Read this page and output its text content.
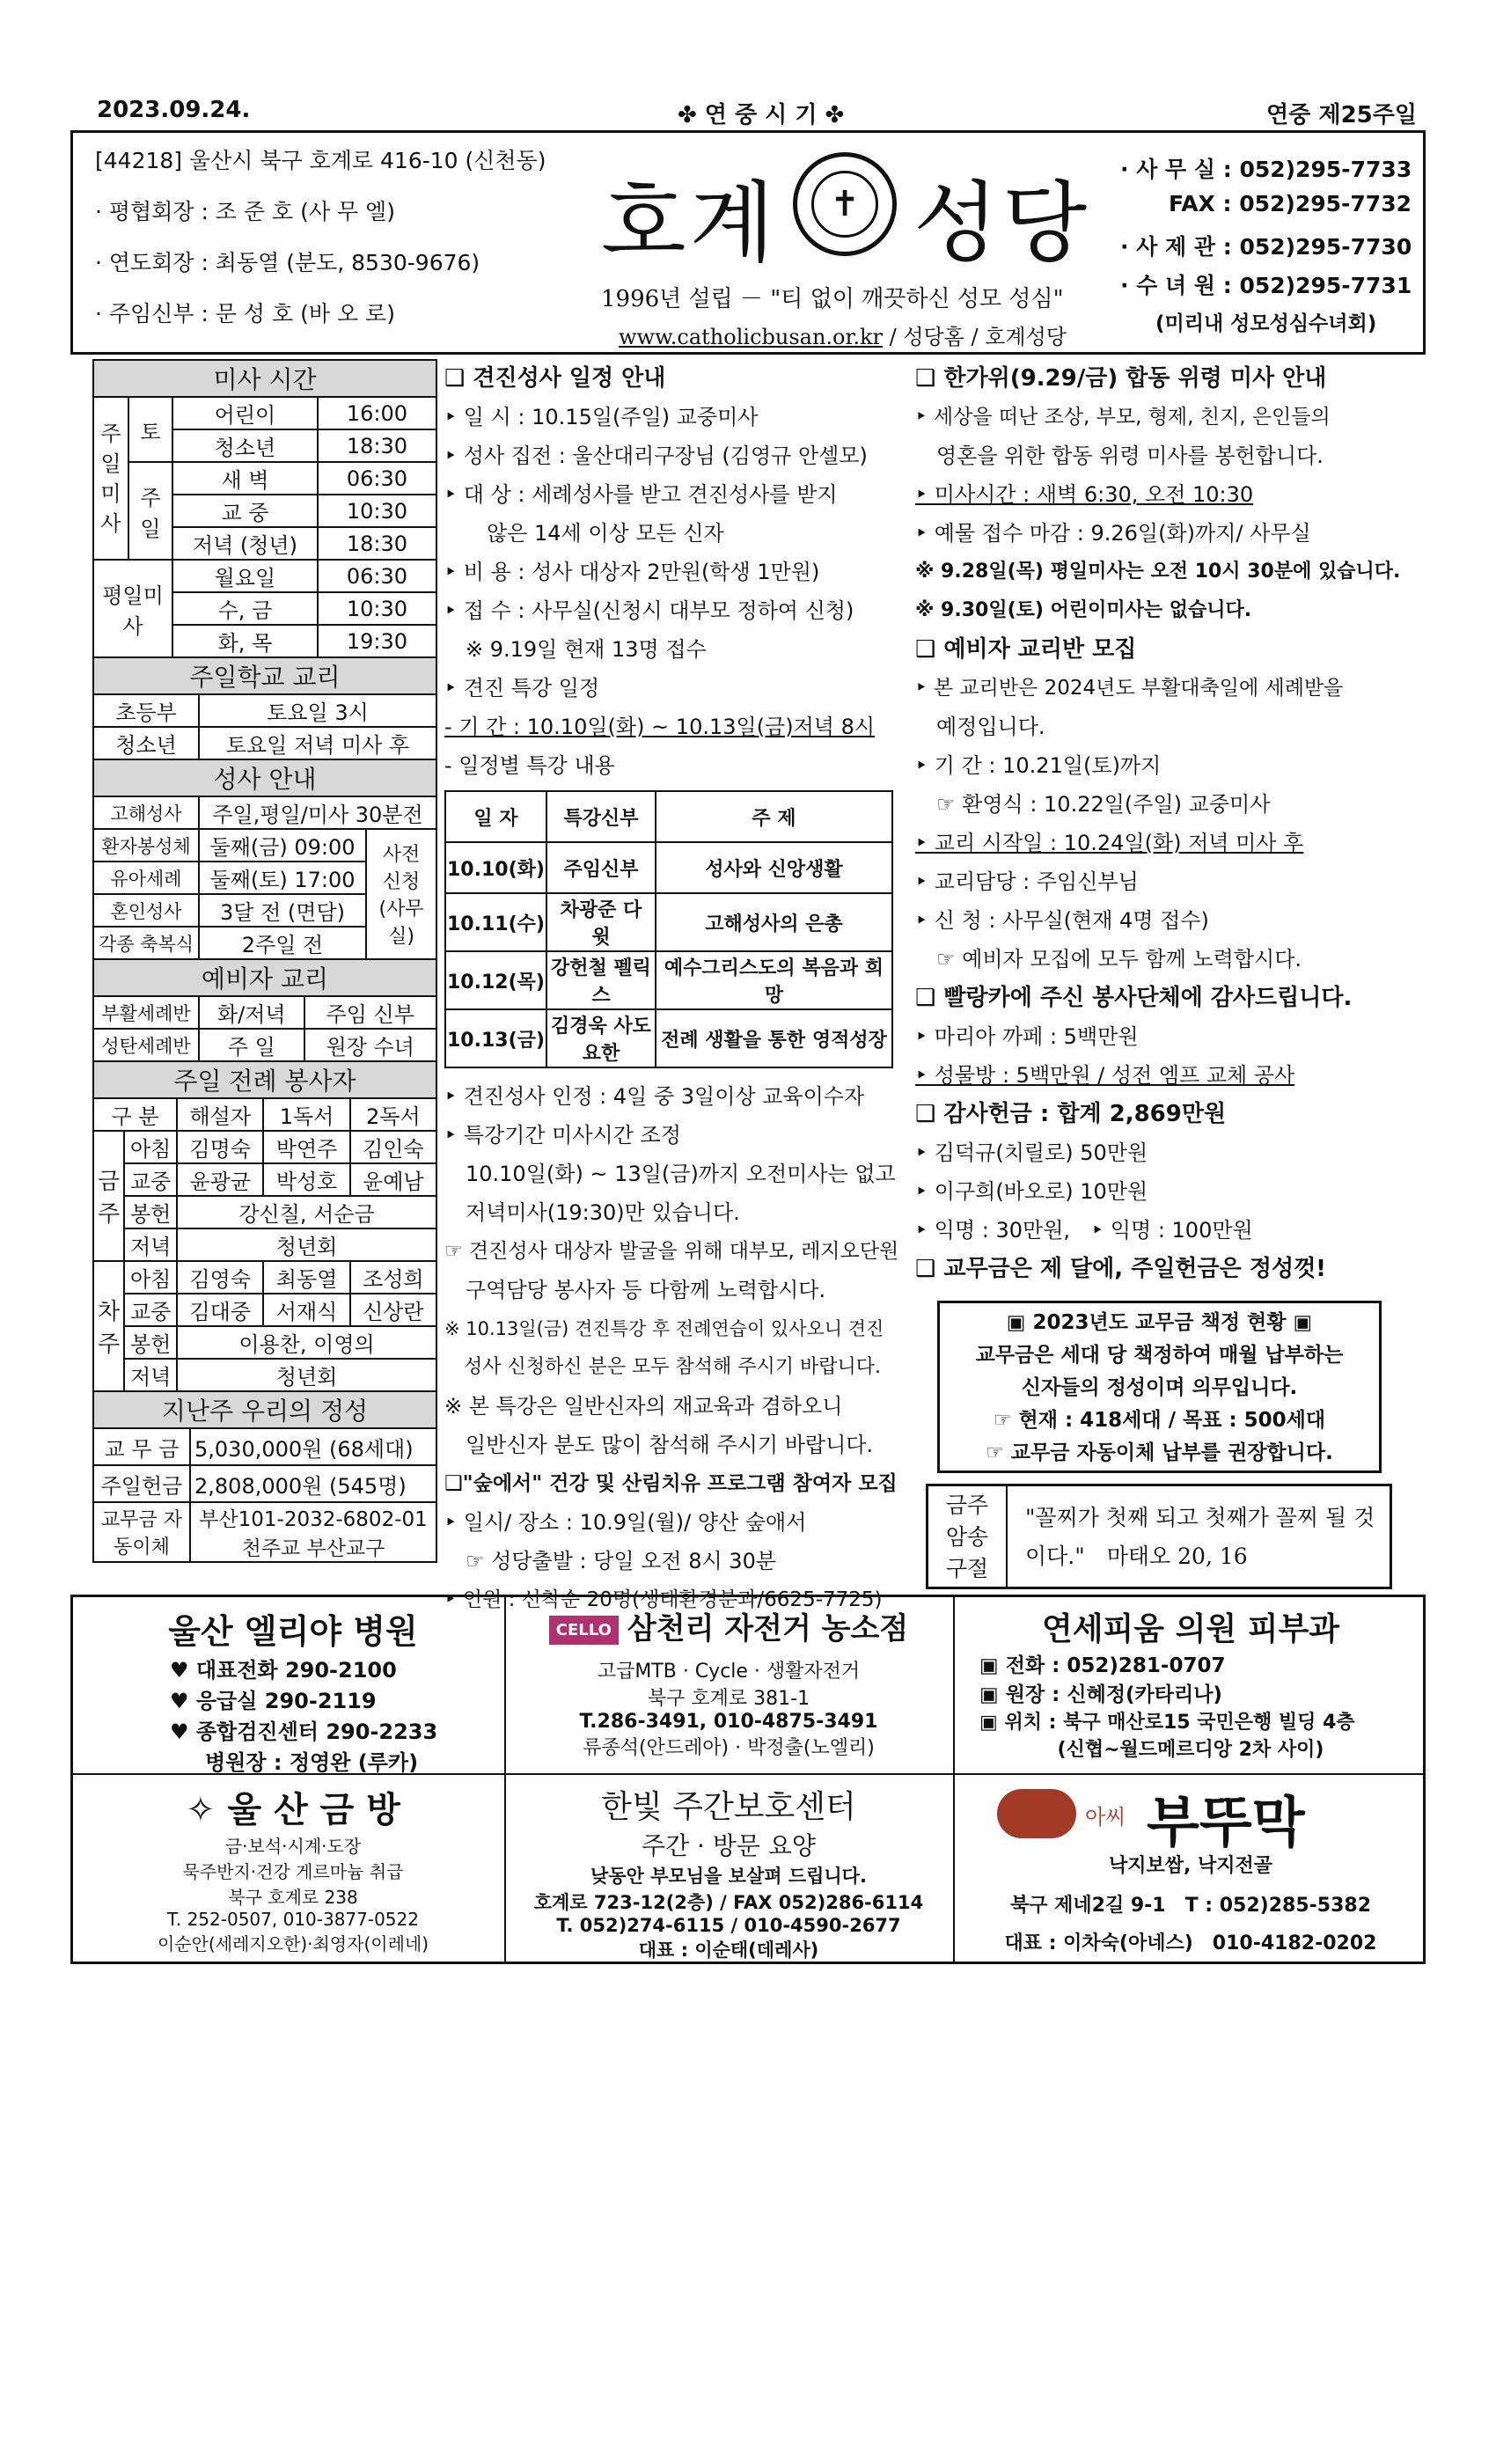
2023.09.24.	✤ 연 중 시 기 ✤	연중 제25주일
[44218] 울산시 북구 호계로 416-10 (신천동)
· 평협회장 : 조 준 호 (사 무 엘)
· 연도회장 : 최동열 (분도, 8530-9676)
· 주임신부 : 문 성 호 (바 오 로)
호계	✝ 성당
1996년 설립 － "티 없이 깨끗하신 성모 성심"
www.catholicbusan.or.kr / 성당홈 / 호계성당
· 사 무 실 : 052)295-7733
FAX : 052)295-7732
· 사 제 관 : 052)295-7730
· 수 녀 원 : 052)295-7731
(미리내 성모성심수녀회)
미사 시간
주일미사	토	
어린이	16:00

청소년	18:30

주일	
새 벽	06:30

교 중	10:30

저녁 (청년)	18:30

평일미사	
월요일	06:30

수, 금	10:30

화, 목	19:30
주일학교 교리	
초등부	토요일 3시
청소년	토요일 저녁 미사 후
성사 안내		
고해성사	주일,평일/미사 30분전	
환자봉성체	둘째(금) 09:00	사전 신청 (사무실)
유아세례	둘째(토) 17:00	
혼인성사	3달 전 (면담)	
각종 축복식	2주일 전	
예비자 교리		
부활세례반	화/저녁	주임 신부
성탄세례반	주 일	원장 수녀
주일 전례 봉사자				
구 분		해설자	1독서	2독서
금주	아침	김명숙	박연주	김인숙
	교중	윤광균	박성호	윤예남
	봉헌	강신칠, 서순금		
	저녁	청년회		
차주	아침	김영숙	최동열	조성희
	교중	김대중	서재식	신상란
	봉헌	이용찬, 이영의		
	저녁	청년회		
지난주 우리의 정성	
교 무 금	5,030,000원 (68세대)
주일헌금	2,808,000원 (545명)
교무금 자동이체	부산101-2032-6802-01 천주교 부산교구

❑ 견진성사 일정 안내

‣ 일 시 : 10.15일(주일) 교중미사

‣ 성사 집전 : 울산대리구장님 (김영규 안셀모)

‣ 대 상 : 세례성사를 받고 견진성사를 받지

　　않은 14세 이상 모든 신자

‣ 비 용 : 성사 대상자 2만원(학생 1만원)

‣ 접 수 : 사무실(신청시 대부모 정하여 신청)

　※ 9.19일 현재 13명 접수

‣ 견진 특강 일정

- 기 간 : 10.10일(화) ~ 10.13일(금)저녁 8시

- 일정별 특강 내용

일 자	특강신부	주 제
10.10(화)	주임신부	성사와 신앙생활
10.11(수)	차광준 다 윗	고해성사의 은총
10.12(목)	강헌철 펠릭스	예수그리스도의 복음과 희망
10.13(금)	김경욱 사도요한	전례 생활을 통한 영적성장

‣ 견진성사 인정 : 4일 중 3일이상 교육이수자

‣ 특강기간 미사시간 조정

　10.10일(화) ~ 13일(금)까지 오전미사는 없고

　저녁미사(19:30)만 있습니다.

☞ 견진성사 대상자 발굴을 위해 대부모, 레지오단원

　구역담당 봉사자 등 다함께 노력합시다.

※ 10.13일(금) 견진특강 후 전례연습이 있사오니 견진

　성사 신청하신 분은 모두 참석해 주시기 바랍니다.

※ 본 특강은 일반신자의 재교육과 겸하오니

　일반신자 분도 많이 참석해 주시기 바랍니다.

❑"숲에서" 건강 및 산림치유 프로그램 참여자 모집

‣ 일시/ 장소 : 10.9일(월)/ 양산 숲애서

　☞ 성당출발 : 당일 오전 8시 30분

‣ 인원 : 선착순 20명(생태환경분과/6625-7725)

❑ 한가위(9.29/금) 합동 위령 미사 안내

‣ 세상을 떠난 조상, 부모, 형제, 친지, 은인들의

　영혼을 위한 합동 위령 미사를 봉헌합니다.

‣ 미사시간 : 새벽 6:30, 오전 10:30

‣ 예물 접수 마감 : 9.26일(화)까지/ 사무실

※ 9.28일(목) 평일미사는 오전 10시 30분에 있습니다.

※ 9.30일(토) 어린이미사는 없습니다.

❑ 예비자 교리반 모집

‣ 본 교리반은 2024년도 부활대축일에 세례받을

　예정입니다.

‣ 기 간 : 10.21일(토)까지

　☞ 환영식 : 10.22일(주일) 교중미사

‣ 교리 시작일 : 10.24일(화) 저녁 미사 후

‣ 교리담당 : 주임신부님

‣ 신 청 : 사무실(현재 4명 접수)

　☞ 예비자 모집에 모두 함께 노력합시다.

❑ 빨랑카에 주신 봉사단체에 감사드립니다.

‣ 마리아 까페 : 5백만원

‣ 성물방 : 5백만원 / 성전 엠프 교체 공사

❑ 감사헌금 : 합계 2,869만원

‣ 김덕규(치릴로) 50만원

‣ 이구희(바오로) 10만원

‣ 익명 : 30만원,　‣ 익명 : 100만원

❑ 교무금은 제 달에, 주일헌금은 정성껏!

▣ 2023년도 교무금 책정 현황 ▣
교무금은 세대 당 책정하여 매월 납부하는
신자들의 정성이며 의무입니다.
☞ 현재 : 418세대 / 목표 : 500세대
☞ 교무금 자동이체 납부를 권장합니다.
금주 암송 구절
"꼴찌가 첫째 되고 첫째가 꼴찌 될 것이다."　마태오 20, 16

울산 엘리야 병원

♥ 대표전화 290-2100

♥ 응급실 290-2119

♥ 종합검진센터 290-2233

병원장 : 정영완 (루카)

CELLO 삼천리 자전거 농소점

고급MTB · Cycle · 생활자전거

북구 호계로 381-1

T.286-3491, 010-4875-3491

류종석(안드레아) · 박정출(노엘리)

연세피움 의원 피부과

▣ 전화 : 052)281-0707

▣ 원장 : 신혜정(카타리나)

▣ 위치 : 북구 매산로15 국민은행 빌딩 4층

(신협~월드메르디앙 2차 사이)

✧ 울 산 금 방

금·보석·시계·도장

묵주반지·건강 게르마늄 취급

북구 호계로 238

T. 252-0507, 010-3877-0522

이순안(세레지오한)·최영자(이레네)

한빛 주간보호센터

주간 · 방문 요양

낮동안 부모님을 보살펴 드립니다.

호계로 723-12(2층) / FAX 052)286-6114

T. 052)274-6115 / 010-4590-2677

대표 : 이순태(데레사)

아씨 부뚜막

낙지보쌈, 낙지전골

북구 제네2길 9-1　T : 052)285-5382

대표 : 이차숙(아네스)　010-4182-0202
